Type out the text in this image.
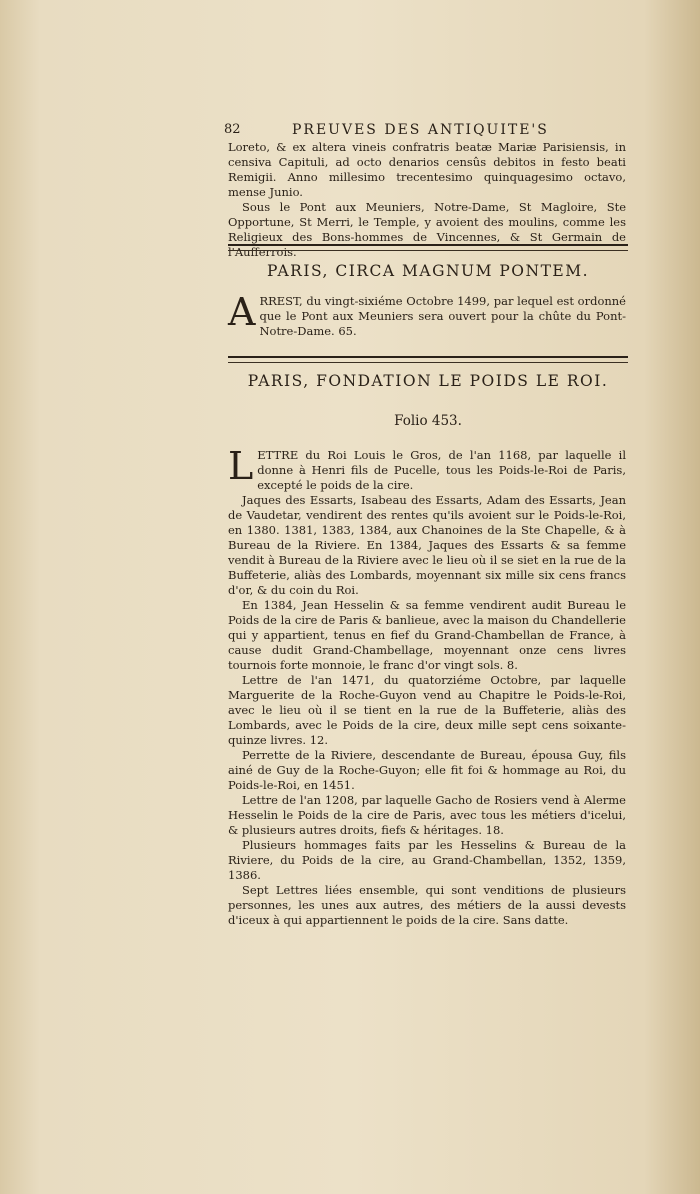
82	PREUVES DES ANTIQUITE'S

Loreto, & ex altera vineis confratris beatæ Mariæ Parisiensis, in censiva Capituli, ad octo denarios censûs debitos in festo beati Remigii. Anno millesimo trecentesimo quinquagesimo octavo, mense Junio.

Sous le Pont aux Meuniers, Notre-Dame, St Magloire, Ste Opportune, St Merri, le Temple, y avoient des moulins, comme les Religieux des Bons-hommes de Vincennes, & St Germain de l'Aufferrois.

PARIS, CIRCA MAGNUM PONTEM.
A RREST, du vingt-sixiéme Octobre 1499, par lequel est ordonné que le Pont aux Meuniers sera ouvert pour la chûte du Pont-Notre-Dame. 65.
PARIS, FONDATION LE POIDS LE ROI.
Folio 453.

L ETTRE du Roi Louis le Gros, de l'an 1168, par laquelle il donne à Henri fils de Pucelle, tous les Poids-le-Roi de Paris, excepté le poids de la cire.

Jaques des Essarts, Isabeau des Essarts, Adam des Essarts, Jean de Vaudetar, vendirent des rentes qu'ils avoient sur le Poids-le-Roi, en 1380. 1381, 1383, 1384, aux Chanoines de la Ste Chapelle, & à Bureau de la Riviere. En 1384, Jaques des Essarts & sa femme vendit à Bureau de la Riviere avec le lieu où il se siet en la rue de la Buffeterie, aliàs des Lombards, moyennant six mille six cens francs d'or, & du coin du Roi.

En 1384, Jean Hesselin & sa femme vendirent audit Bureau le Poids de la cire de Paris & banlieue, avec la maison du Chandellerie qui y appartient, tenus en fief du Grand-Chambellan de France, à cause dudit Grand-Chambellage, moyennant onze cens livres tournois forte monnoie, le franc d'or vingt sols. 8.

Lettre de l'an 1471, du quatorziéme Octobre, par laquelle Marguerite de la Roche-Guyon vend au Chapitre le Poids-le-Roi, avec le lieu où il se tient en la rue de la Buffeterie, aliàs des Lombards, avec le Poids de la cire, deux mille sept cens soixante-quinze livres. 12.

Perrette de la Riviere, descendante de Bureau, épousa Guy, fils ainé de Guy de la Roche-Guyon; elle fit foi & hommage au Roi, du Poids-le-Roi, en 1451.

Lettre de l'an 1208, par laquelle Gacho de Rosiers vend à Alerme Hesselin le Poids de la cire de Paris, avec tous les métiers d'icelui, & plusieurs autres droits, fiefs & héritages. 18.

Plusieurs hommages faits par les Hesselins & Bureau de la Riviere, du Poids de la cire, au Grand-Chambellan, 1352, 1359, 1386.

Sept Lettres liées ensemble, qui sont venditions de plusieurs personnes, les unes aux autres, des métiers de la aussi devests d'iceux à qui appartiennent le poids de la cire. Sans datte.
